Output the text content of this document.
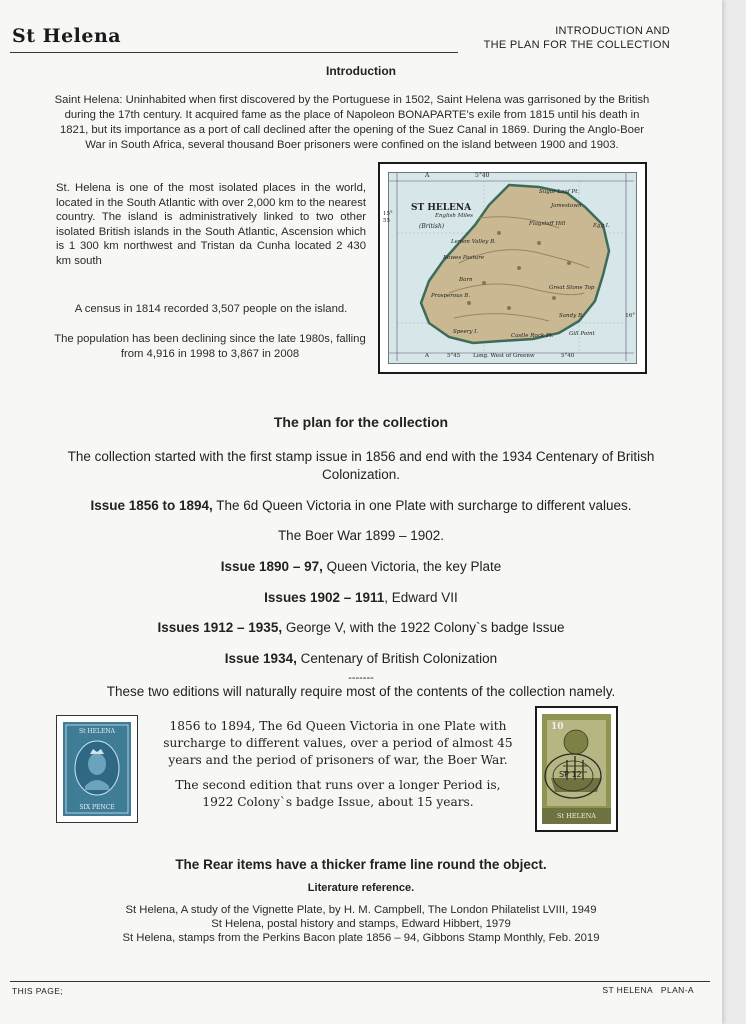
St Helena	INTRODUCTION AND
THE PLAN FOR THE COLLECTION
Introduction
Saint Helena: Uninhabited when first discovered by the Portuguese in 1502, Saint Helena was garrisoned by the British during the 17th century. It acquired fame as the place of Napoleon BONAPARTE's exile from 1815 until his death in 1821, but its importance as a port of call declined after the opening of the Suez Canal in 1869. During the Anglo-Boer War in South Africa, several thousand Boer prisoners were confined on the island between 1900 and 1903.
St. Helena is one of the most isolated places in the world, located in the South Atlantic with over 2,000 km to the nearest country. The island is administratively linked to two other isolated British islands in the South Atlantic, Ascension which is 1 300 km northwest and Tristan da Cunha located 2 430 km south
A census in 1814 recorded 3,507 people on the island.
The population has been declining since the late 1980s, falling from 4,916 in 1998 to 3,867 in 2008
A	5°40
15° 55
16°
ST HELENA
(British)
English Miles
Sugar Loaf Pt.
Jamestown
Lemon Valley B.
Flagstaff Hill
Bowes Pasture
Barn
Prosperous B.
Sandy B.
Speery I.
Castle Rock Pt.
Egg I.
Great Stone Top
Gill Point
A	5°45 Long. West of Greenw	5°40
The plan for the collection
The collection started with the first stamp issue in 1856 and end with the 1934 Centenary of British Colonization.
Issue 1856 to 1894, The 6d Queen Victoria in one Plate with surcharge to different values.
The Boer War 1899 – 1902.
Issue 1890 – 97, Queen Victoria, the key Plate
Issues 1902 – 1911, Edward VII
Issues 1912 – 1935, George V, with the 1922 Colony`s badge Issue
Issue 1934, Centenary of British Colonization
-------
These two editions will naturally require most of the contents of the collection namely.
St HELENA
SIX PENCE

1856 to 1894, The 6d Queen Victoria in one Plate with surcharge to different values, over a period of almost 45 years and the period of prisoners of war, the Boer War.

The second edition that runs over a longer Period is, 1922 Colony`s badge Issue, about 15 years.

10
SP 12
St HELENA
The Rear items have a thicker frame line round the object.
Literature reference.
St Helena, A study of the Vignette Plate, by H. M. Campbell, The London Philatelist LVIII, 1949
St Helena, postal history and stamps, Edward Hibbert, 1979
St Helena, stamps from the Perkins Bacon plate 1856 – 94, Gibbons Stamp Monthly, Feb. 2019
THIS PAGE;	ST HELENA   PLAN-A
